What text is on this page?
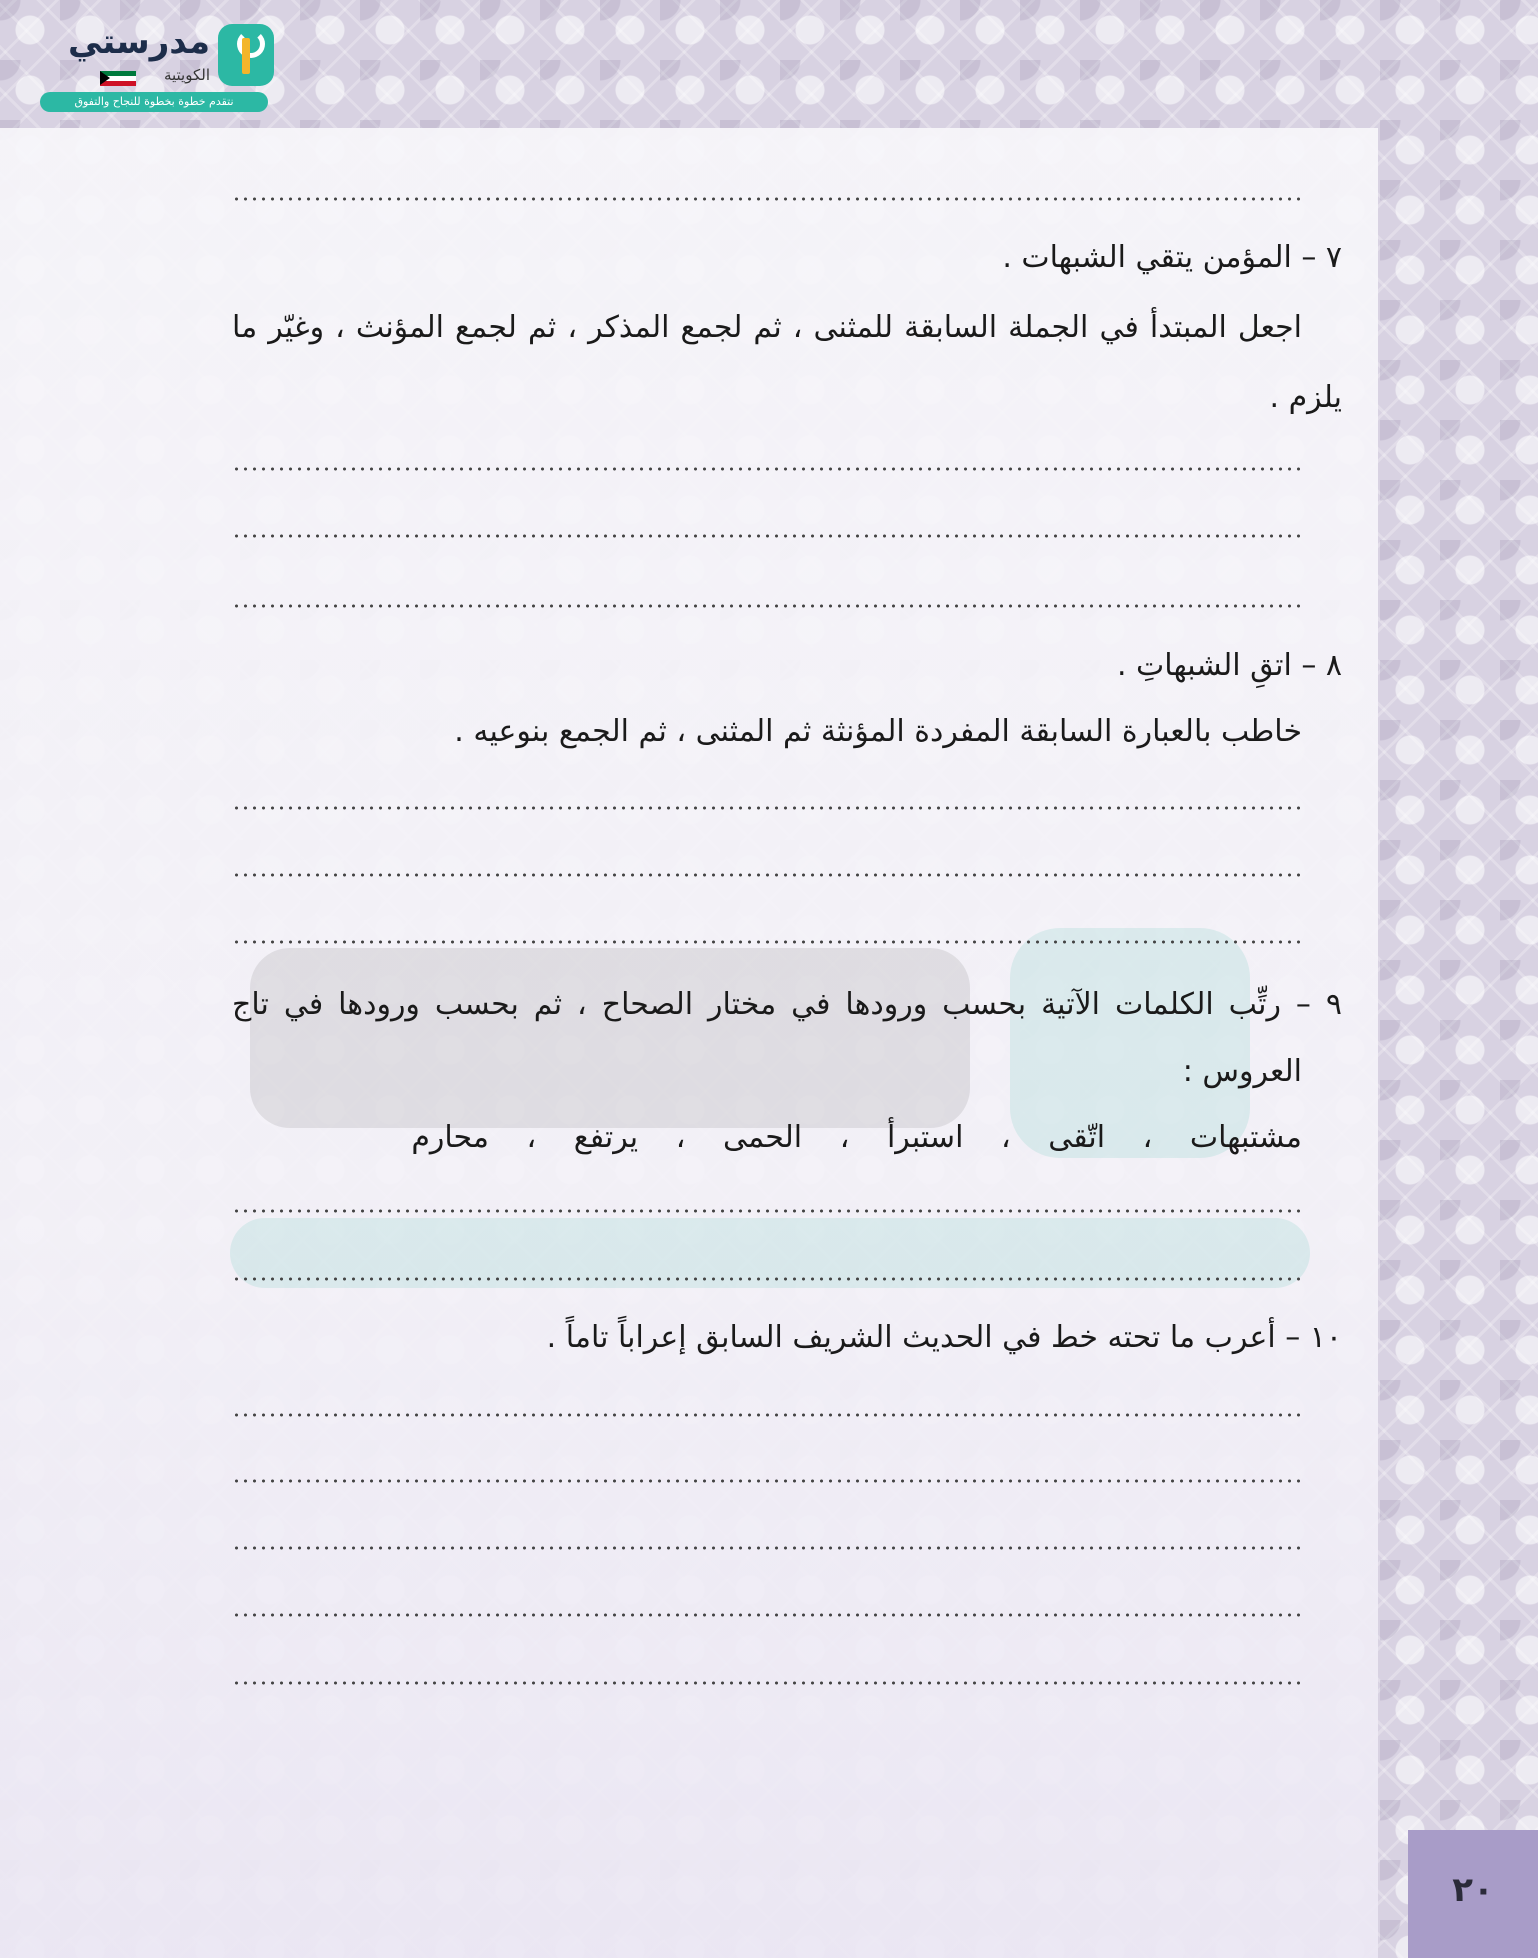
مدرستي
الكويتية
نتقدم خطوة بخطوة للنجاح والتفوق
٧ – المؤمن يتقي الشبهات .
اجعل المبتدأ في الجملة السابقة للمثنى ، ثم لجمع المذكر ، ثم لجمع المؤنث ، وغيّر ما
يلزم .
٨ – اتقِ الشبهاتِ .
خاطب بالعبارة السابقة المفردة المؤنثة ثم المثنى ، ثم الجمع بنوعيه .
٩ – رتِّب الكلمات الآتية بحسب ورودها في مختار الصحاح ، ثم بحسب ورودها في تاج
العروس :
مشتبهات ، اتّقى ، استبرأ ، الحمى ، يرتفع ، محارم
١٠ – أعرب ما تحته خط في الحديث الشريف السابق إعراباً تاماً .
٢٠
